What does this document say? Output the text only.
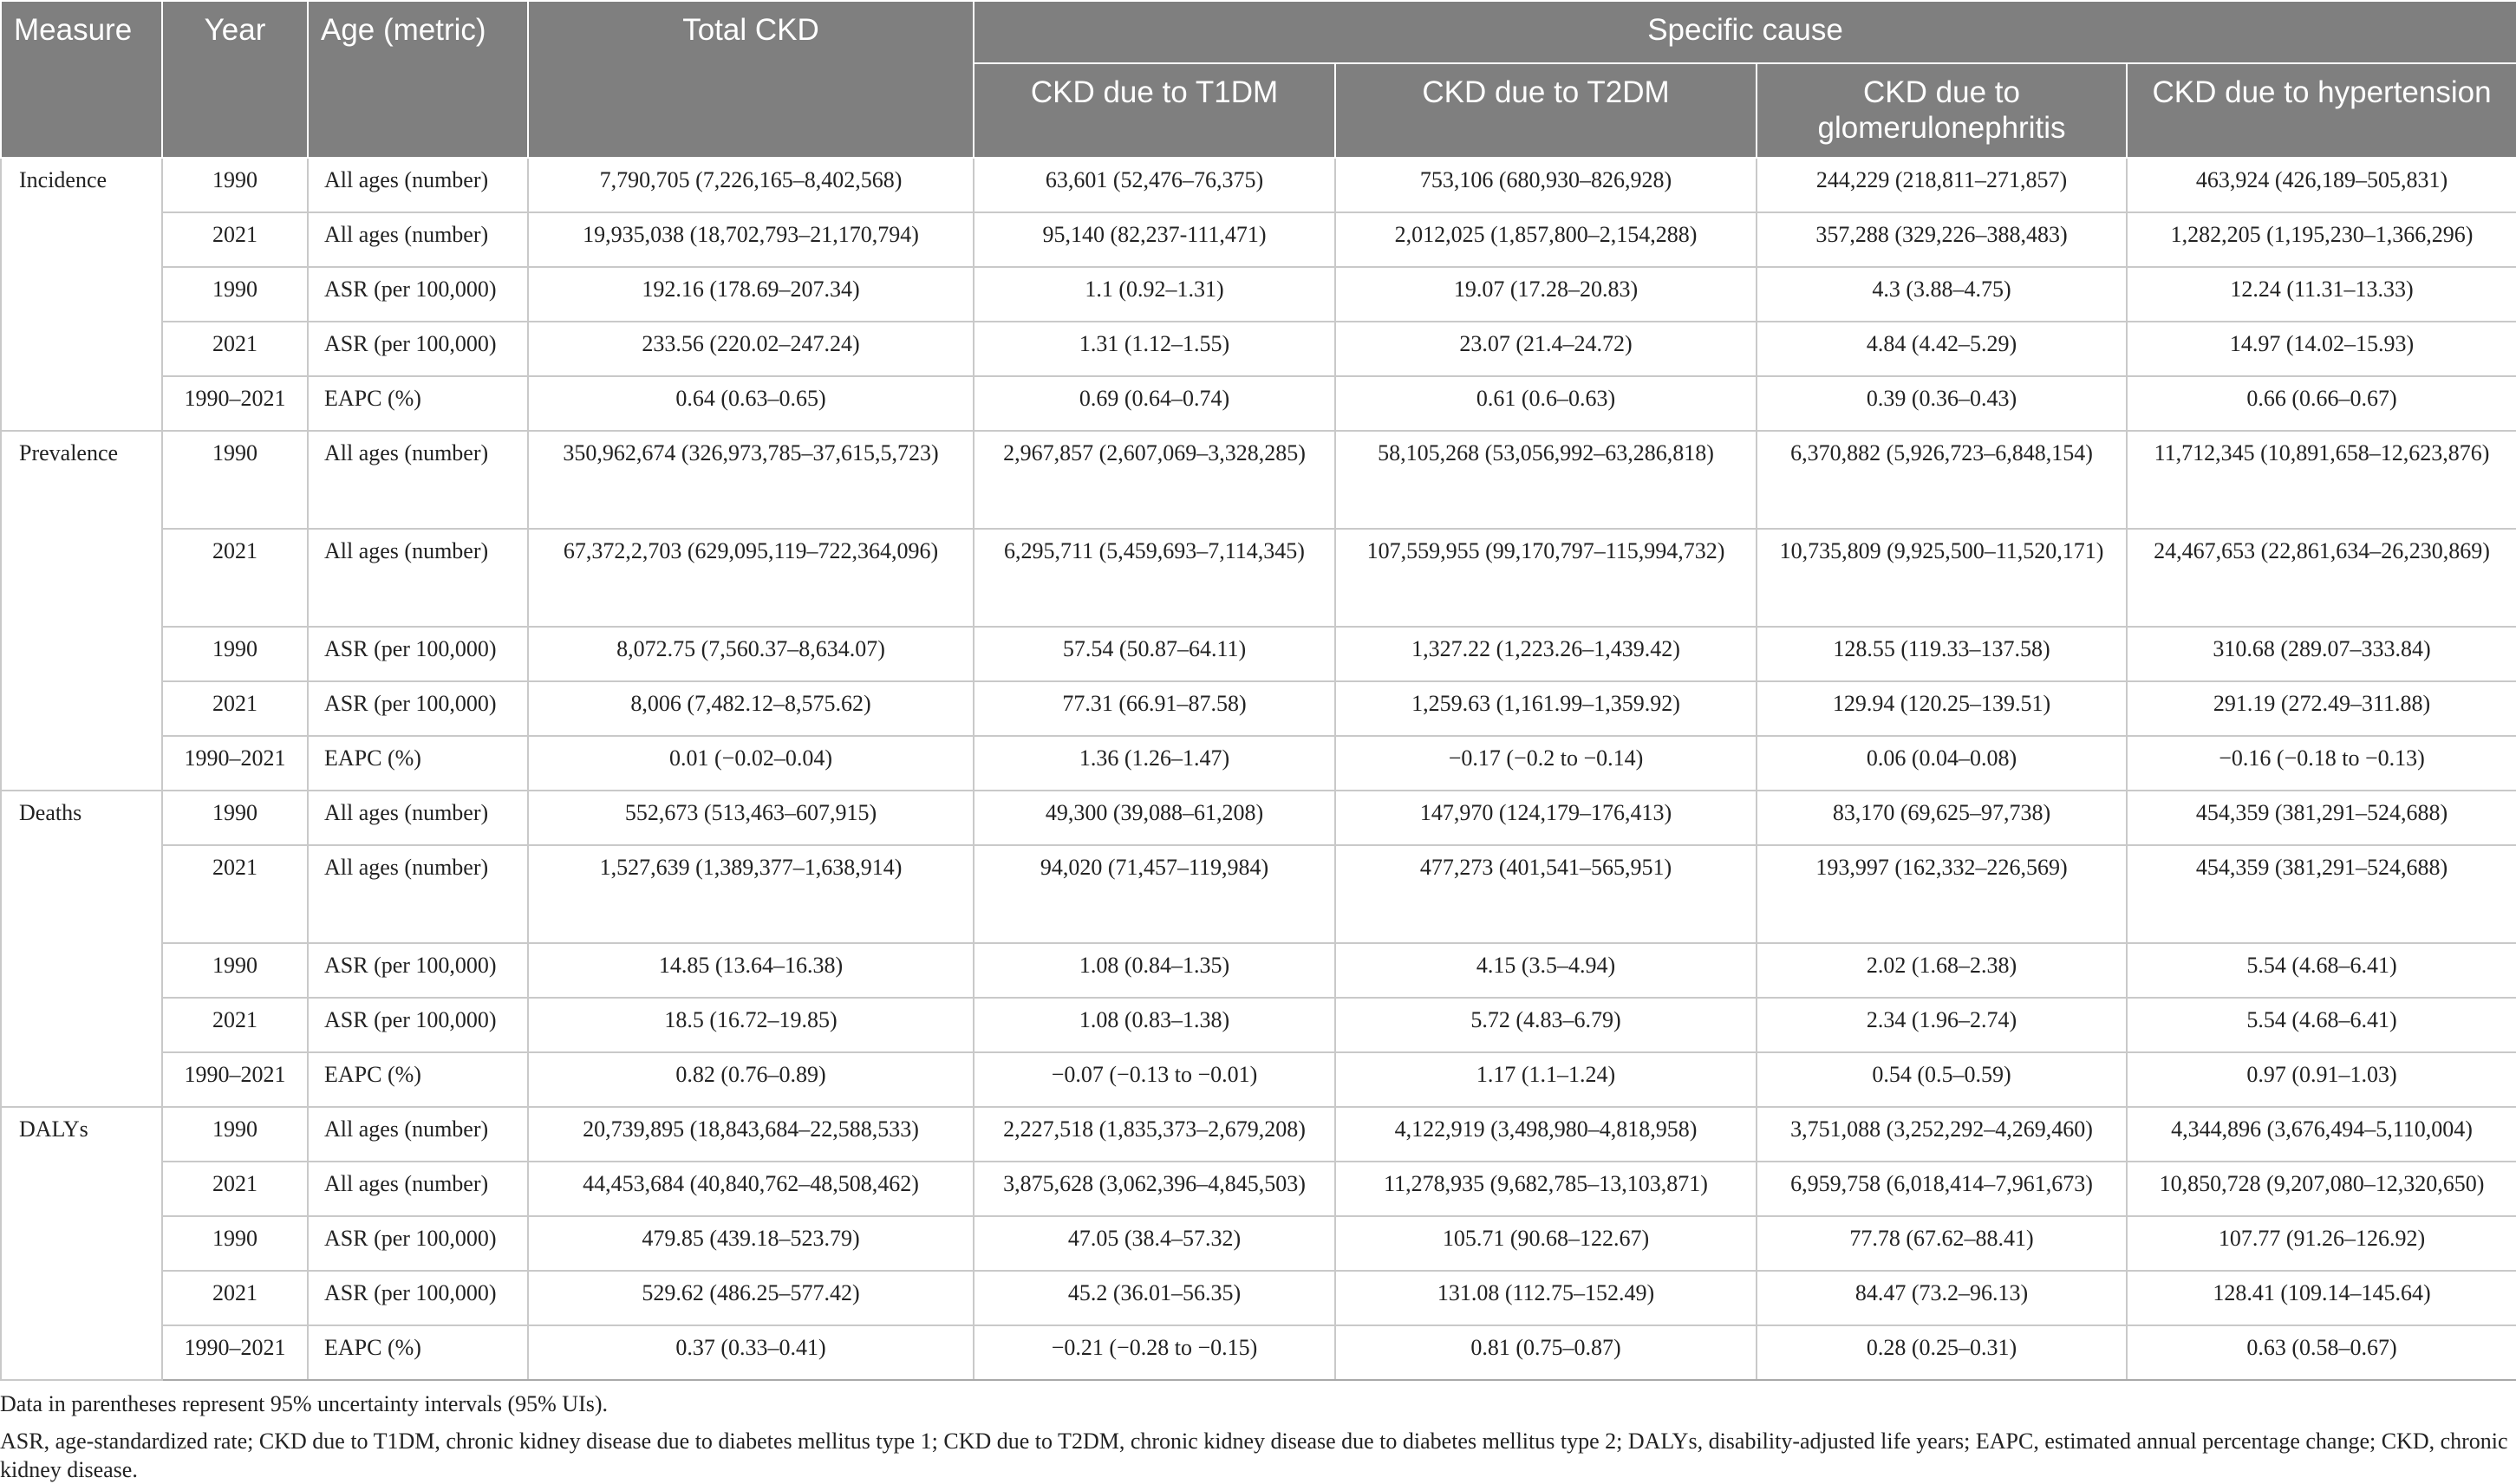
Measure	Year	Age (metric)	Total CKD	Specific cause			
				CKD due to T1DM	CKD due to T2DM	CKD due to glomerulonephritis	CKD due to hypertension
Incidence	1990	All ages (number)	7,790,705 (7,226,165–8,402,568)	63,601 (52,476–76,375)	753,106 (680,930–826,928)	244,229 (218,811–271,857)	463,924 (426,189–505,831)
	2021	All ages (number)	19,935,038 (18,702,793–21,170,794)	95,140 (82,237-111,471)	2,012,025 (1,857,800–2,154,288)	357,288 (329,226–388,483)	1,282,205 (1,195,230–1,366,296)
	1990	ASR (per 100,000)	192.16 (178.69–207.34)	1.1 (0.92–1.31)	19.07 (17.28–20.83)	4.3 (3.88–4.75)	12.24 (11.31–13.33)
	2021	ASR (per 100,000)	233.56 (220.02–247.24)	1.31 (1.12–1.55)	23.07 (21.4–24.72)	4.84 (4.42–5.29)	14.97 (14.02–15.93)
	1990–2021	EAPC (%)	0.64 (0.63–0.65)	0.69 (0.64–0.74)	0.61 (0.6–0.63)	0.39 (0.36–0.43)	0.66 (0.66–0.67)
Prevalence	1990	All ages (number)	350,962,674 (326,973,785–37,615,5,723)	2,967,857 (2,607,069–3,328,285)	58,105,268 (53,056,992–63,286,818)	6,370,882 (5,926,723–6,848,154)	11,712,345 (10,891,658–12,623,876)
	2021	All ages (number)	67,372,2,703 (629,095,119–722,364,096)	6,295,711 (5,459,693–7,114,345)	107,559,955 (99,170,797–115,994,732)	10,735,809 (9,925,500–11,520,171)	24,467,653 (22,861,634–26,230,869)
	1990	ASR (per 100,000)	8,072.75 (7,560.37–8,634.07)	57.54 (50.87–64.11)	1,327.22 (1,223.26–1,439.42)	128.55 (119.33–137.58)	310.68 (289.07–333.84)
	2021	ASR (per 100,000)	8,006 (7,482.12–8,575.62)	77.31 (66.91–87.58)	1,259.63 (1,161.99–1,359.92)	129.94 (120.25–139.51)	291.19 (272.49–311.88)
	1990–2021	EAPC (%)	0.01 (−0.02–0.04)	1.36 (1.26–1.47)	−0.17 (−0.2 to −0.14)	0.06 (0.04–0.08)	−0.16 (−0.18 to −0.13)
Deaths	1990	All ages (number)	552,673 (513,463–607,915)	49,300 (39,088–61,208)	147,970 (124,179–176,413)	83,170 (69,625–97,738)	454,359 (381,291–524,688)
	2021	All ages (number)	1,527,639 (1,389,377–1,638,914)	94,020 (71,457–119,984)	477,273 (401,541–565,951)	193,997 (162,332–226,569)	454,359 (381,291–524,688)
	1990	ASR (per 100,000)	14.85 (13.64–16.38)	1.08 (0.84–1.35)	4.15 (3.5–4.94)	2.02 (1.68–2.38)	5.54 (4.68–6.41)
	2021	ASR (per 100,000)	18.5 (16.72–19.85)	1.08 (0.83–1.38)	5.72 (4.83–6.79)	2.34 (1.96–2.74)	5.54 (4.68–6.41)
	1990–2021	EAPC (%)	0.82 (0.76–0.89)	−0.07 (−0.13 to −0.01)	1.17 (1.1–1.24)	0.54 (0.5–0.59)	0.97 (0.91–1.03)
DALYs	1990	All ages (number)	20,739,895 (18,843,684–22,588,533)	2,227,518 (1,835,373–2,679,208)	4,122,919 (3,498,980–4,818,958)	3,751,088 (3,252,292–4,269,460)	4,344,896 (3,676,494–5,110,004)
	2021	All ages (number)	44,453,684 (40,840,762–48,508,462)	3,875,628 (3,062,396–4,845,503)	11,278,935 (9,682,785–13,103,871)	6,959,758 (6,018,414–7,961,673)	10,850,728 (9,207,080–12,320,650)
	1990	ASR (per 100,000)	479.85 (439.18–523.79)	47.05 (38.4–57.32)	105.71 (90.68–122.67)	77.78 (67.62–88.41)	107.77 (91.26–126.92)
	2021	ASR (per 100,000)	529.62 (486.25–577.42)	45.2 (36.01–56.35)	131.08 (112.75–152.49)	84.47 (73.2–96.13)	128.41 (109.14–145.64)
	1990–2021	EAPC (%)	0.37 (0.33–0.41)	−0.21 (−0.28 to −0.15)	0.81 (0.75–0.87)	0.28 (0.25–0.31)	0.63 (0.58–0.67)

Data in parentheses represent 95% uncertainty intervals (95% UIs).

ASR, age-standardized rate; CKD due to T1DM, chronic kidney disease due to diabetes mellitus type 1; CKD due to T2DM, chronic kidney disease due to diabetes mellitus type 2; DALYs, disability-adjusted life years; EAPC, estimated annual percentage change; CKD, chronic kidney disease.
